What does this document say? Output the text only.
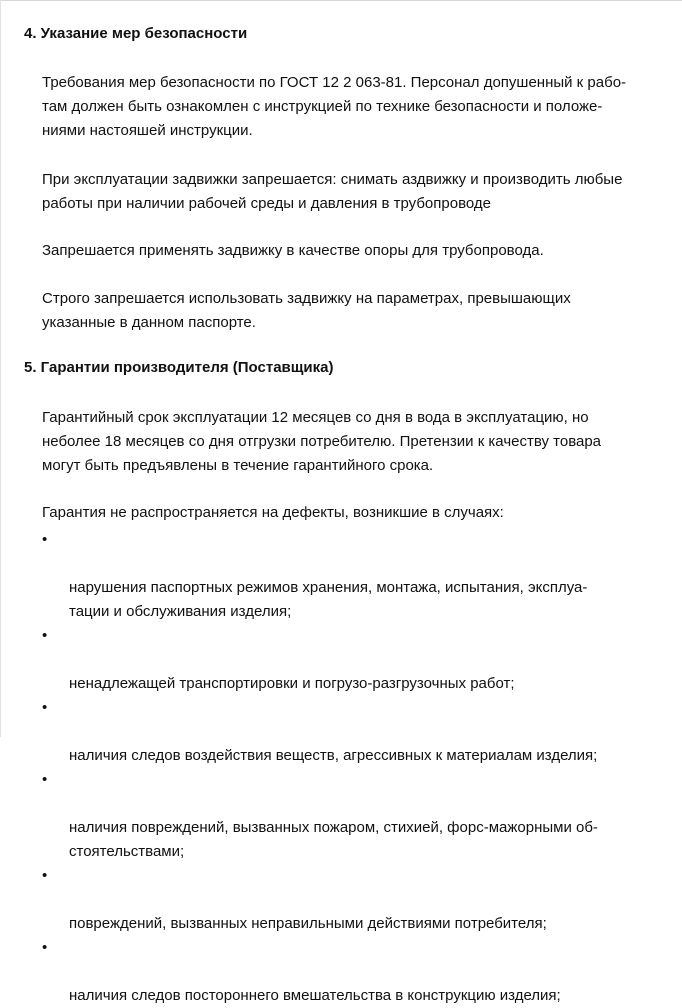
4. Указание мер безопасности
Требования мер безопасности по ГОСТ 12 2 063-81. Персонал допушенный к рабо-
там должен быть ознакомлен с инструкцией по технике безопасности и положе-
ниями настояшей инструкции.
При эксплуатации задвижки запрешается: снимать аздвижку и производить любые
работы при наличии рабочей среды и давления в трубопроводе
Запрешается применять задвижку в качестве опоры для трубопровода.
Строго запрешается использовать задвижку на параметрах, превышающих
указанные в данном паспорте.
5. Гарантии производителя (Поставщика)
Гарантийный срок эксплуатации 12 месяцев со дня в вода в эксплуатацию, но
неболее 18 месяцев со дня отгрузки потребителю. Претензии к качеству товара
могут быть предъявлены в течение гарантийного срока.
Гарантия не распространяется на дефекты, возникшие в случаях:

•

нарушения паспортных режимов хранения, монтажа, испытания, эксплуа-
тации и обслуживания изделия;

•

ненадлежащей транспортировки и погрузо-разгрузочных работ;

•

наличия следов воздействия веществ, агрессивных к материалам изделия;

•

наличия повреждений, вызванных пожаром, стихией, форс-мажорными об-
стоятельствами;

•

повреждений, вызванных неправильными действиями потребителя;

•

наличия следов постороннего вмешательства в конструкцию изделия;
